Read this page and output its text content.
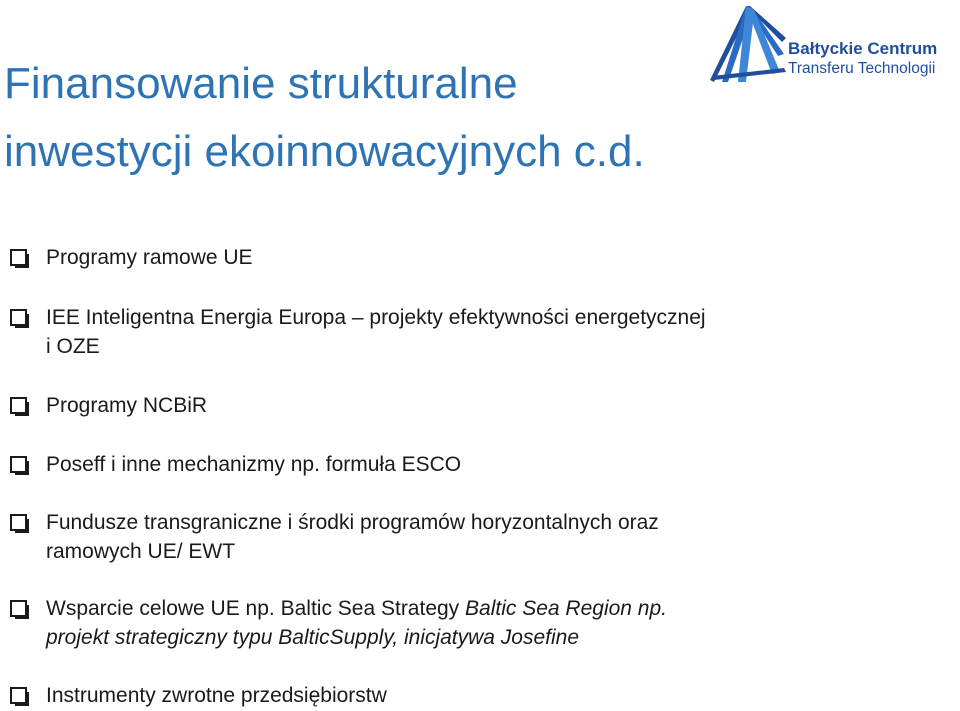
Finansowanie strukturalne
inwestycji ekoinnowacyjnych c.d.
Bałtyckie Centrum
Transferu Technologii
Programy ramowe UE
IEE Inteligentna Energia Europa – projekty efektywności energetycznej
i OZE
Programy NCBiR
Poseff i inne mechanizmy np. formuła ESCO
Fundusze transgraniczne i środki programów horyzontalnych oraz
ramowych UE/ EWT
Wsparcie celowe UE np. Baltic Sea Strategy Baltic Sea Region np.
projekt strategiczny typu BalticSupply, inicjatywa Josefine
Instrumenty zwrotne przedsiębiorstw
